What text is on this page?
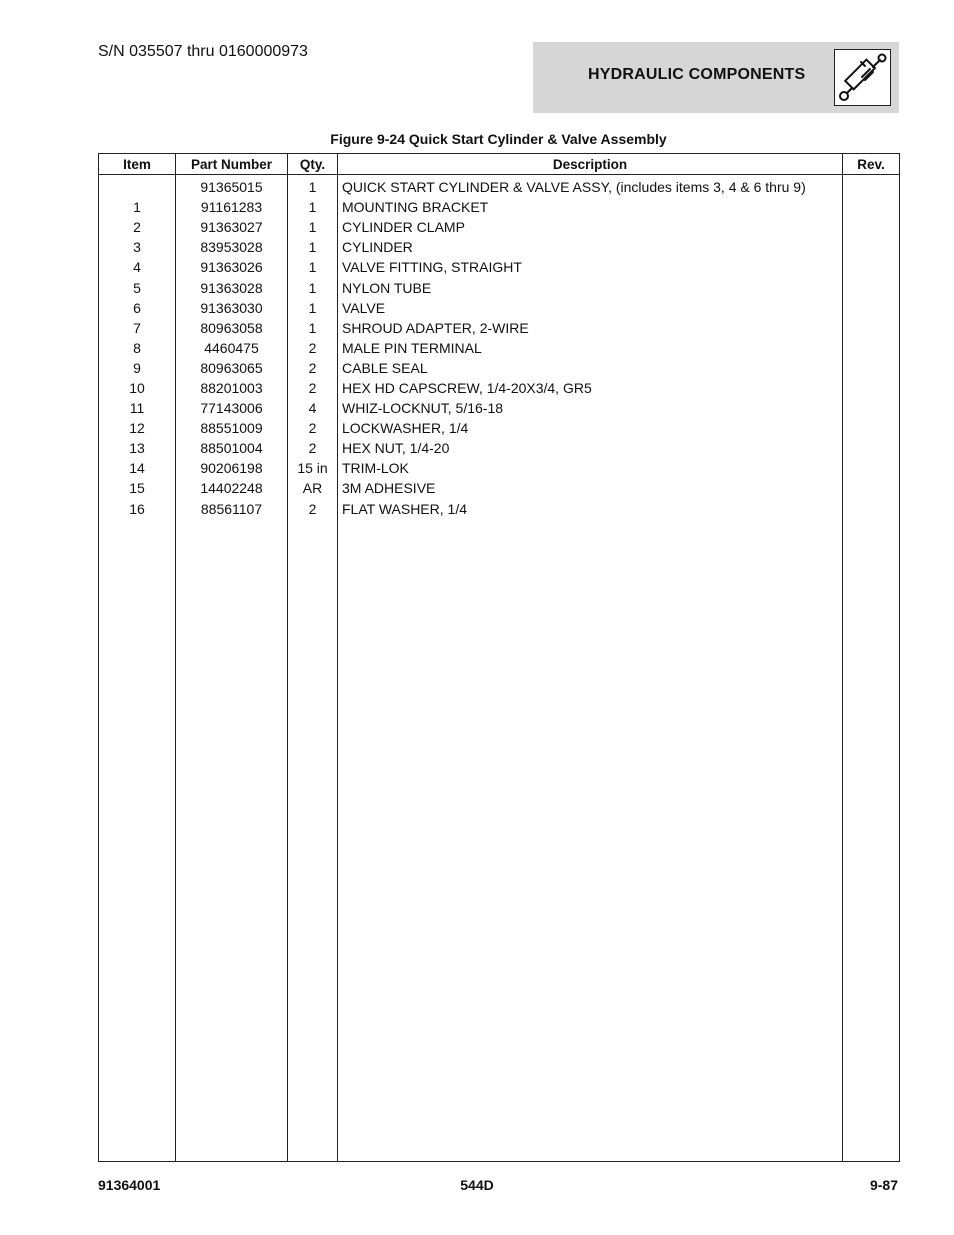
S/N 035507 thru 0160000973
HYDRAULIC COMPONENTS
Figure 9-24 Quick Start Cylinder & Valve Assembly
Item	Part Number	Qty.	Description	Rev.

	91365015	1	QUICK START CYLINDER & VALVE ASSY, (includes items 3, 4 & 6 thru 9)	
1	91161283	1	MOUNTING BRACKET	
2	91363027	1	CYLINDER CLAMP	
3	83953028	1	CYLINDER	
4	91363026	1	VALVE FITTING, STRAIGHT	
5	91363028	1	NYLON TUBE	
6	91363030	1	VALVE	
7	80963058	1	SHROUD ADAPTER, 2-WIRE	
8	4460475	2	MALE PIN TERMINAL	
9	80963065	2	CABLE SEAL	
10	88201003	2	HEX HD CAPSCREW, 1/4-20X3/4, GR5	
11	77143006	4	WHIZ-LOCKNUT, 5/16-18	
12	88551009	2	LOCKWASHER, 1/4	
13	88501004	2	HEX NUT, 1/4-20	
14	90206198	15 in	TRIM-LOK	
15	14402248	AR	3M ADHESIVE	
16	88561107	2	FLAT WASHER, 1/4	

91364001	544D	9-87
